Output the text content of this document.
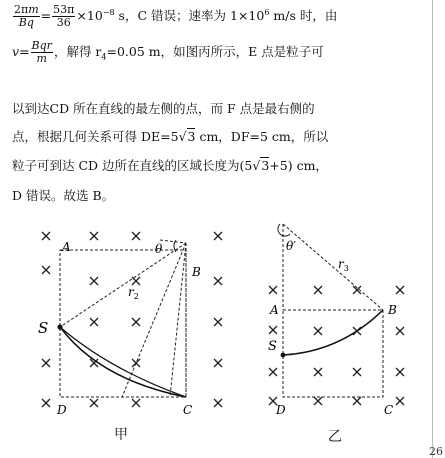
$\frac{2\pi m}{Bq} = \frac{53\pi}{36} \times 10^{-8}$ s，C 错误；速率为 $1\times 10^6$ m/s 时，由
$v= \frac{\text{Bqr}}{m}$ ，解得 $r_4=0.05$ m，如图丙所示，E 点是粒子可
以到达CD 所在直线的最左侧的点，而 F 点是最右侧的
点，根据几何关系可得 DE=5√3 cm，DF=5 cm，所以
粒子可到达 CD 边所在直线的区域长度为(5√3+5) cm，
D 错误。故选 B。
A
B
S
D	C
θ
$r_2$
A	B
S
D	C
θ′
$r_3$
甲	乙
26
